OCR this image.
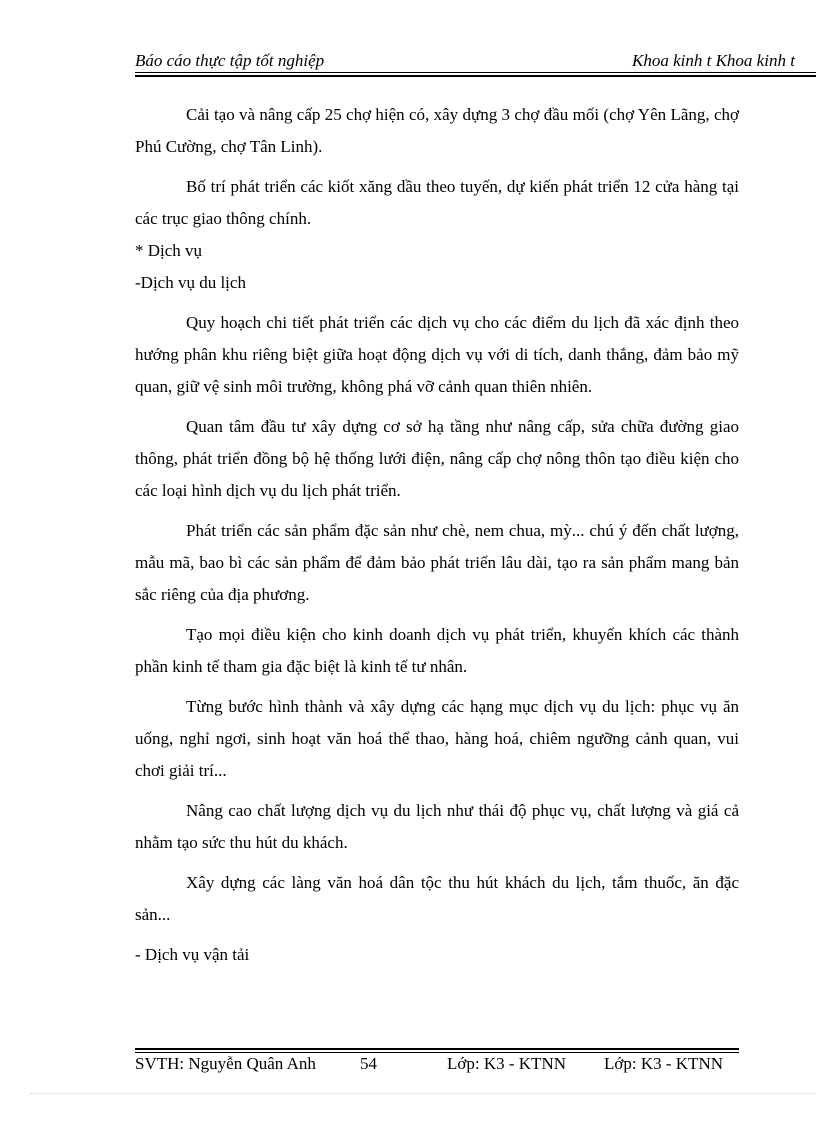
Báo cáo thực tập tốt nghiệp	Khoa kinh t Khoa kinh t

Cải tạo và nâng cấp 25 chợ hiện có, xây dựng 3 chợ đầu mối (chợ Yên Lãng, chợ Phú Cường, chợ Tân Linh).

Bố trí phát triển các kiốt xăng dầu theo tuyến, dự kiến phát triển 12 cửa hàng tại các trục giao thông chính.

* Dịch vụ

-Dịch vụ du lịch

Quy hoạch chi tiết phát triển các dịch vụ cho các điểm du lịch đã xác định theo hướng phân khu riêng biệt giữa hoạt động dịch vụ với di tích, danh thắng, đảm bảo mỹ quan, giữ vệ sinh môi trường, không phá vỡ cảnh quan thiên nhiên.

Quan tâm đầu tư xây dựng cơ sở hạ tầng như nâng cấp, sửa chữa đường giao thông, phát triển đồng bộ hệ thống lưới điện, nâng cấp chợ nông thôn tạo điều kiện cho các loại hình dịch vụ du lịch phát triển.

Phát triển các sản phẩm đặc sản như chè, nem chua, mỳ... chú ý đến chất lượng, mẫu mã, bao bì các sản phẩm để đảm bảo phát triển lâu dài, tạo ra sản phẩm mang bản sắc riêng của địa phương.

Tạo mọi điều kiện cho kinh doanh dịch vụ phát triển, khuyến khích các thành phần kinh tế tham gia đặc biệt là kinh tế tư nhân.

Từng bước hình thành và xây dựng các hạng mục dịch vụ du lịch: phục vụ ăn uống, nghỉ ngơi, sinh hoạt văn hoá thể thao, hàng hoá, chiêm ngưỡng cảnh quan, vui chơi giải trí...

Nâng cao chất lượng dịch vụ du lịch như thái độ phục vụ, chất lượng và giá cả nhằm tạo sức thu hút du khách.

Xây dựng các làng văn hoá dân tộc thu hút khách du lịch, tắm thuốc, ăn đặc sản...

- Dịch vụ vận tải

SVTH: Nguyễn Quân Anh	54	Lớp: K3 - KTNN Lớp: K3 - KTNN
